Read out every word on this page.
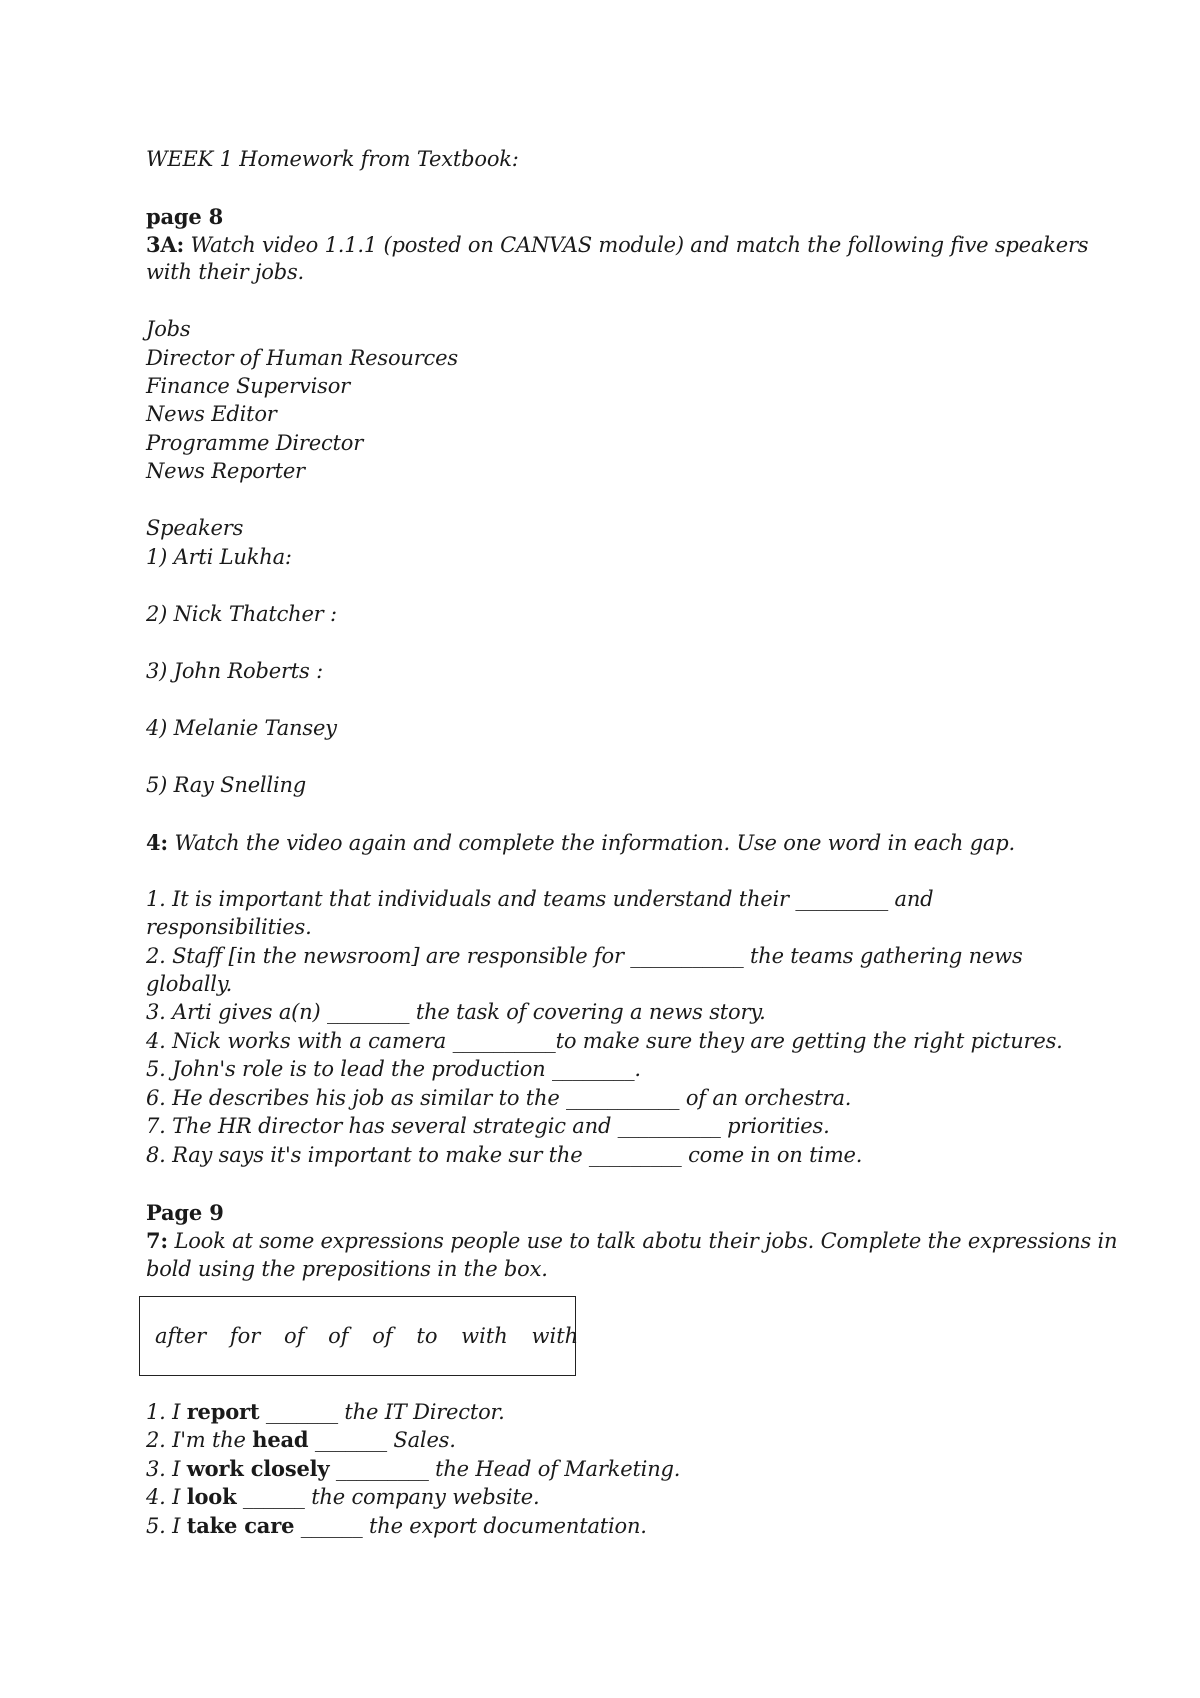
WEEK 1 Homework from Textbook:

page 8

3A: Watch video 1.1.1 (posted on CANVAS module) and match the following five speakers

with their jobs.

Jobs

Director of Human Resources

Finance Supervisor

News Editor

Programme Director

News Reporter

Speakers

1) Arti Lukha:

2) Nick Thatcher :

3) John Roberts :

4) Melanie Tansey

5) Ray Snelling

4: Watch the video again and complete the information. Use one word in each gap.

1. It is important that individuals and teams understand their _________ and

responsibilities.

2. Staff [in the newsroom] are responsible for ___________ the teams gathering news

globally.

3. Arti gives a(n) ________ the task of covering a news story.

4. Nick works with a camera __________to make sure they are getting the right pictures.

5. John's role is to lead the production ________.

6. He describes his job as similar to the ___________ of an orchestra.

7. The HR director has several strategic and __________ priorities.

8. Ray says it's important to make sur the _________ come in on time.

Page 9

7: Look at some expressions people use to talk abotu their jobs. Complete the expressions in

bold using the prepositions in the box.

after for of of of to with with

1. I report _______ the IT Director.

2. I'm the head _______ Sales.

3. I work closely _________ the Head of Marketing.

4. I look ______ the company website.

5. I take care ______ the export documentation.
